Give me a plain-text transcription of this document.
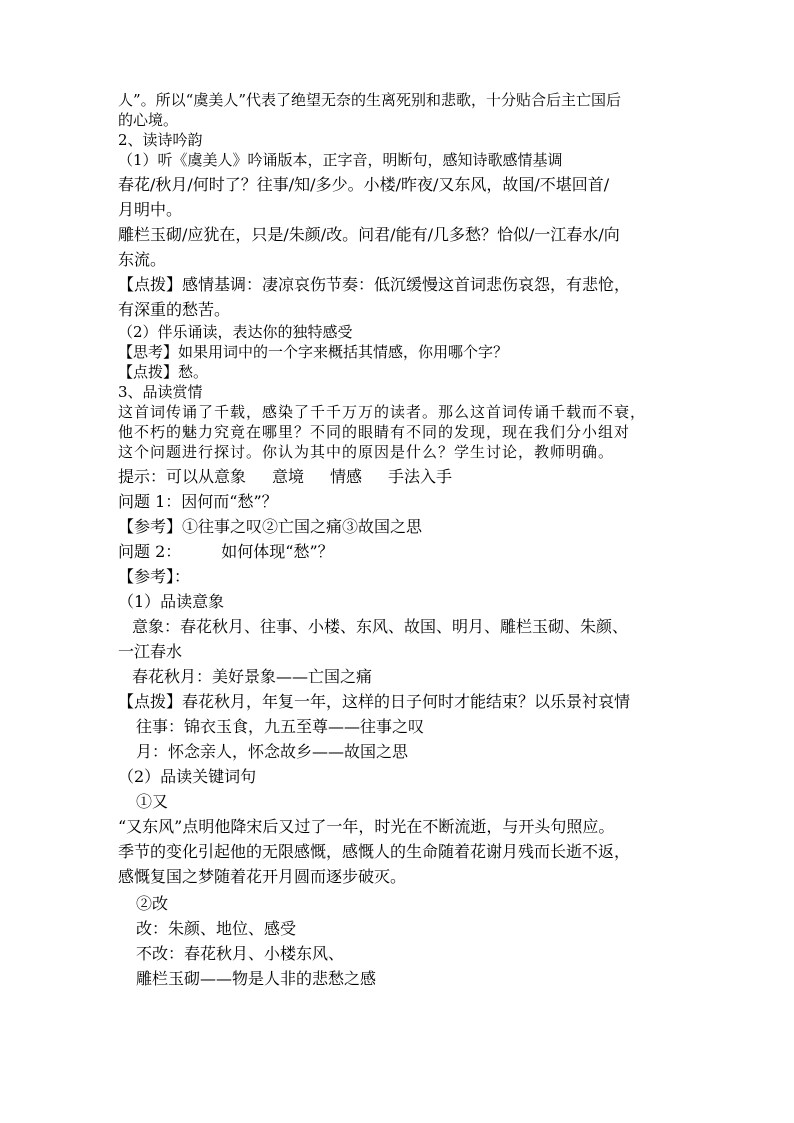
人”。所以“虞美人”代表了绝望无奈的生离死别和悲歌，十分贴合后主亡国后
的心境。
2、读诗吟韵
（1）听《虞美人》吟诵版本，正字音，明断句，感知诗歌感情基调
春花/秋月/何时了？往事/知/多少。小楼/昨夜/又东风，故国/不堪回首/
月明中。
雕栏玉砌/应犹在，只是/朱颜/改。问君/能有/几多愁？恰似/一江春水/向
东流。
【点拨】感情基调：凄凉哀伤节奏：低沉缓慢这首词悲伤哀怨，有悲怆，
有深重的愁苦。
（2）伴乐诵读，表达你的独特感受
【思考】如果用词中的一个字来概括其情感，你用哪个字？
【点拨】愁。
3、品读赏情
这首词传诵了千载，感染了千千万万的读者。那么这首词传诵千载而不衰，
他不朽的魅力究竟在哪里？不同的眼睛有不同的发现，现在我们分小组对
这个问题进行探讨。你认为其中的原因是什么？学生讨论，教师明确。
提示：可以从意象 意境 情感 手法入手
问题 1：因何而“愁”？
【参考】①往事之叹②亡国之痛③故国之思
问题 2：	如何体现“愁”？
【参考】：
（1）品读意象
意象：春花秋月、往事、小楼、东风、故国、明月、雕栏玉砌、朱颜、
一江春水
春花秋月：美好景象——亡国之痛
【点拨】春花秋月，年复一年，这样的日子何时才能结束？以乐景衬哀情
往事：锦衣玉食，九五至尊——往事之叹
月：怀念亲人，怀念故乡——故国之思
（2）品读关键词句
①又
“又东风”点明他降宋后又过了一年，时光在不断流逝，与开头句照应。
季节的变化引起他的无限感慨，感慨人的生命随着花谢月残而长逝不返，
感慨复国之梦随着花开月圆而逐步破灭。
②改
改：朱颜、地位、感受
不改：春花秋月、小楼东风、
雕栏玉砌——物是人非的悲愁之感
